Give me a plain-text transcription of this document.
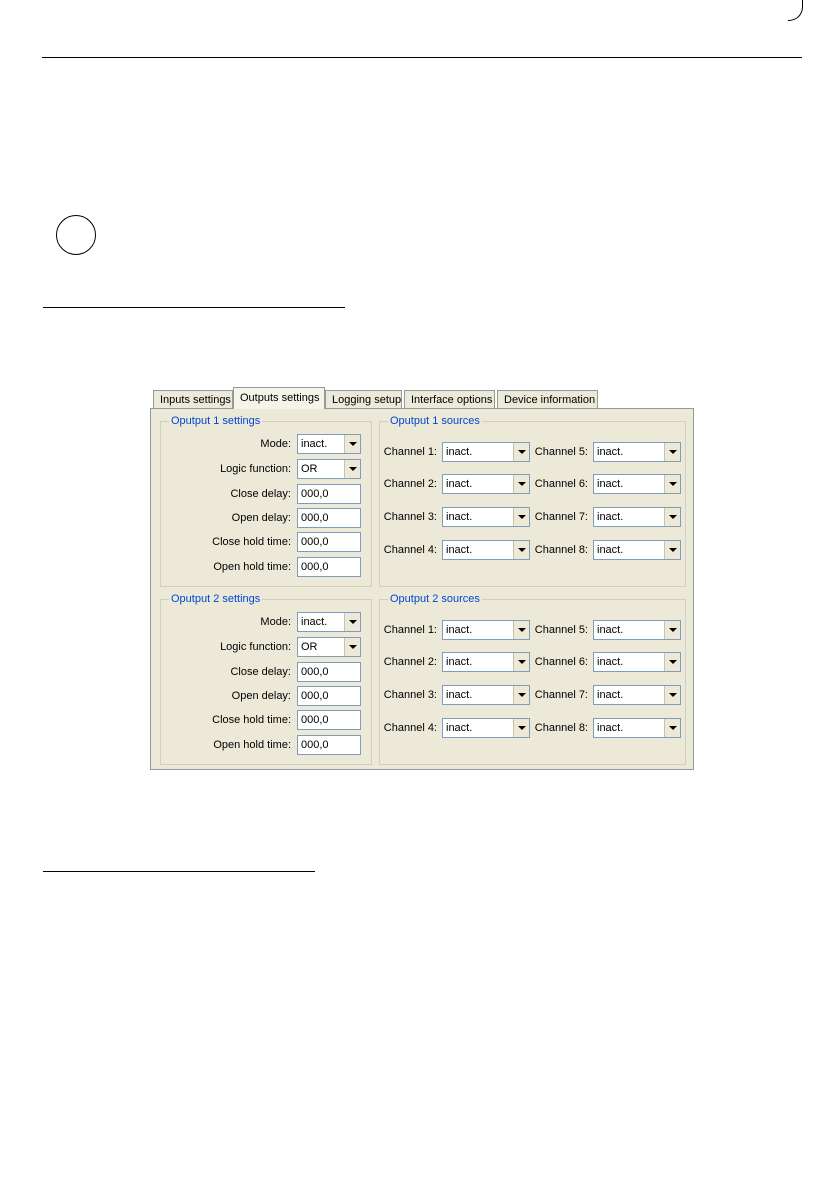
Inputs settings Outputs settings	Logging setup Interface options	Device information
Oputput 1 settings
Mode: inact.
Logic function: OR
Close delay: 000,0
Open delay: 000,0
Close hold time: 000,0
Open hold time: 000,0
Oputput 1 sources
Channel 1: inact.
Channel 2: inact.
Channel 3: inact.
Channel 4: inact.
Channel 5: inact.
Channel 6: inact.
Channel 7: inact.
Channel 8: inact.
Oputput 2 settings
Mode: inact.
Logic function: OR
Close delay: 000,0
Open delay: 000,0
Close hold time: 000,0
Open hold time: 000,0
Oputput 2 sources
Channel 1: inact.
Channel 2: inact.
Channel 3: inact.
Channel 4: inact.
Channel 5: inact.
Channel 6: inact.
Channel 7: inact.
Channel 8: inact.
